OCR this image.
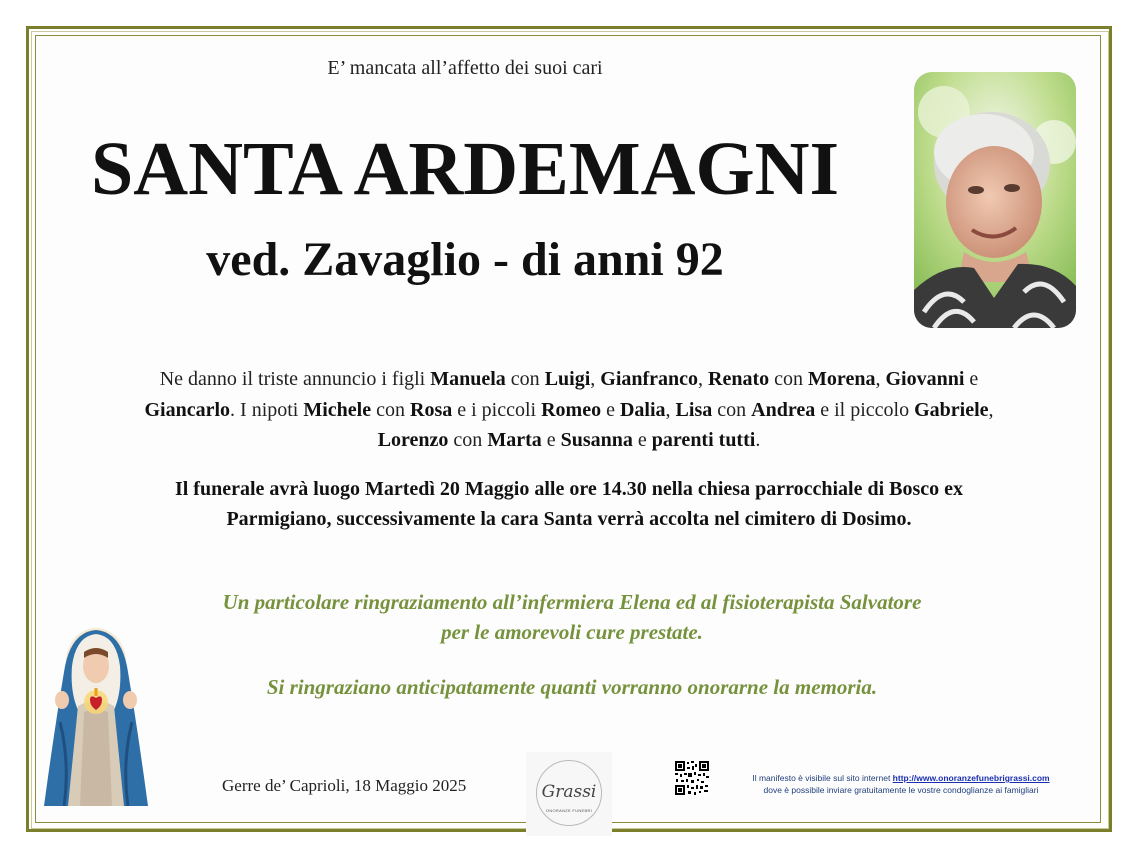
E’ mancata all’affetto dei suoi cari
SANTA ARDEMAGNI
ved. Zavaglio - di anni 92
Ne danno il triste annuncio i figli Manuela con Luigi, Gianfranco, Renato con Morena, Giovanni e
Giancarlo. I nipoti Michele con Rosa e i piccoli Romeo e Dalia, Lisa con Andrea e il piccolo Gabriele,
Lorenzo con Marta e Susanna e parenti tutti.
Il funerale avrà luogo Martedì 20 Maggio alle ore 14.30 nella chiesa parrocchiale di Bosco ex
Parmigiano, successivamente la cara Santa verrà accolta nel cimitero di Dosimo.
Un particolare ringraziamento all’infermiera Elena ed al fisioterapista Salvatore
per le amorevoli cure prestate.
Si ringraziano anticipatamente quanti vorranno onorarne la memoria.
Gerre de’ Caprioli, 18 Maggio 2025	Grassi
ONORANZE FUNEBRI
Il manifesto è visibile sul sito internet http://www.onoranzefunebrigrassi.com
dove è possibile inviare gratuitamente le vostre condoglianze ai famigliari
